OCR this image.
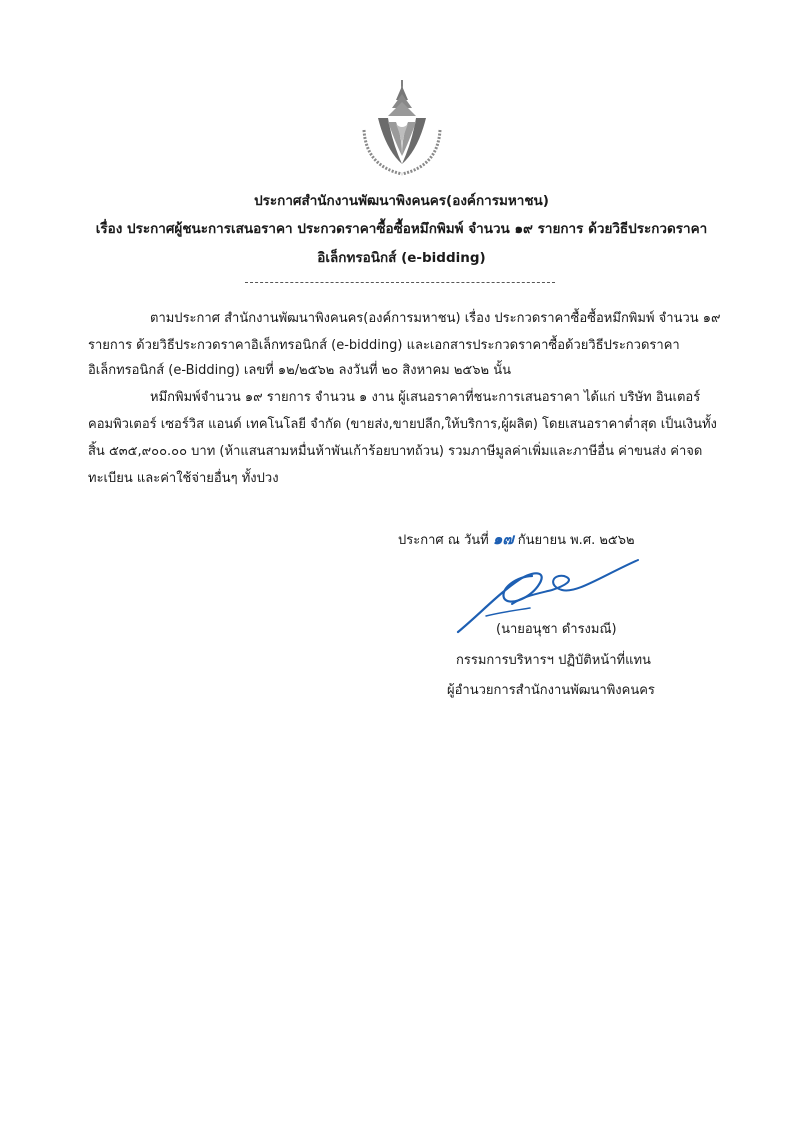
ประกาศสำนักงานพัฒนาพิงคนคร(องค์การมหาชน)
เรื่อง ประกาศผู้ชนะการเสนอราคา ประกวดราคาซื้อซื้อหมึกพิมพ์ จำนวน ๑๙ รายการ ด้วยวิธีประกวดราคา
อิเล็กทรอนิกส์ (e-bidding)
ตามประกาศ สำนักงานพัฒนาพิงคนคร(องค์การมหาชน) เรื่อง ประกวดราคาซื้อซื้อหมึกพิมพ์ จำนวน ๑๙
รายการ ด้วยวิธีประกวดราคาอิเล็กทรอนิกส์ (e-bidding) และเอกสารประกวดราคาซื้อด้วยวิธีประกวดราคา
อิเล็กทรอนิกส์ (e-Bidding) เลขที่ ๑๒/๒๕๖๒ ลงวันที่ ๒๐ สิงหาคม ๒๕๖๒ นั้น
หมึกพิมพ์จำนวน ๑๙ รายการ จำนวน ๑ งาน ผู้เสนอราคาที่ชนะการเสนอราคา ได้แก่ บริษัท อินเตอร์
คอมพิวเตอร์ เซอร์วิส แอนด์ เทคโนโลยี จำกัด (ขายส่ง,ขายปลีก,ให้บริการ,ผู้ผลิต) โดยเสนอราคาต่ำสุด เป็นเงินทั้ง
สิ้น ๕๓๕,๙๐๐.๐๐ บาท (ห้าแสนสามหมื่นห้าพันเก้าร้อยบาทถ้วน) รวมภาษีมูลค่าเพิ่มและภาษีอื่น ค่าขนส่ง ค่าจด
ทะเบียน และค่าใช้จ่ายอื่นๆ ทั้งปวง
ประกาศ ณ วันที่ ๑๗ กันยายน พ.ศ. ๒๕๖๒
(นายอนุชา ดำรงมณี)
กรรมการบริหารฯ ปฏิบัติหน้าที่แทน
ผู้อำนวยการสำนักงานพัฒนาพิงคนคร
